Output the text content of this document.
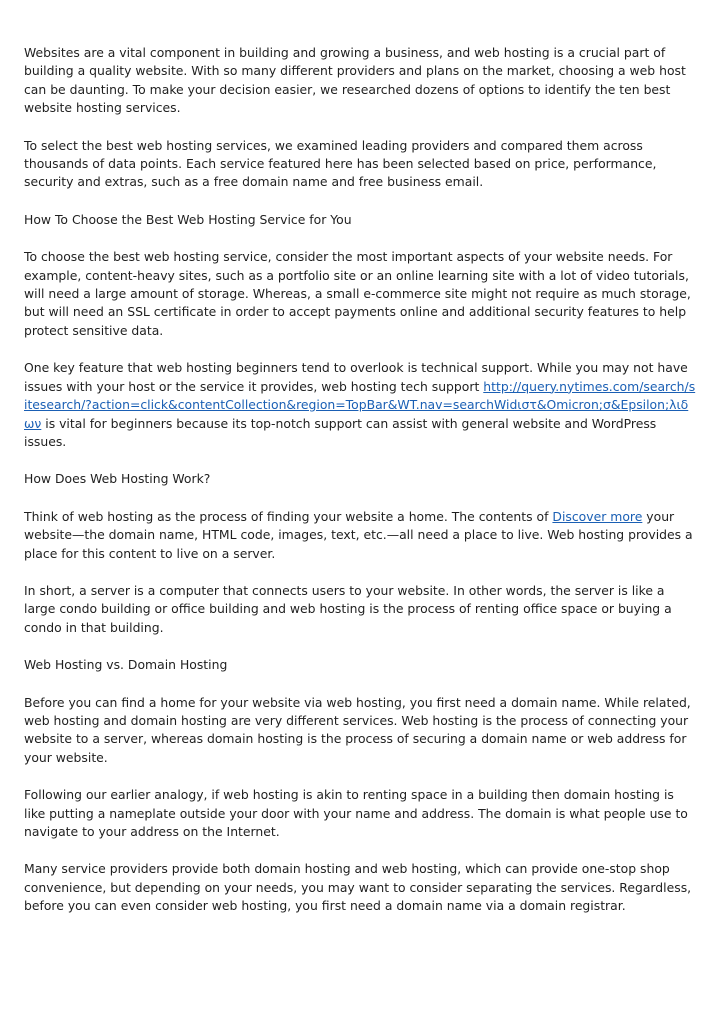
Websites are a vital component in building and growing a business, and web hosting is a crucial part of building a quality website. With so many different providers and plans on the market, choosing a web host can be daunting. To make your decision easier, we researched dozens of options to identify the ten best website hosting services.

To select the best web hosting services, we examined leading providers and compared them across thousands of data points. Each service featured here has been selected based on price, performance, security and extras, such as a free domain name and free business email.

How To Choose the Best Web Hosting Service for You

To choose the best web hosting service, consider the most important aspects of your website needs. For example, content-heavy sites, such as a portfolio site or an online learning site with a lot of video tutorials, will need a large amount of storage. Whereas, a small e-commerce site might not require as much storage, but will need an SSL certificate in order to accept payments online and additional security features to help protect sensitive data.

One key feature that web hosting beginners tend to overlook is technical support. While you may not have issues with your host or the service it provides, web hosting tech support http://query.nytimes.com/search/sitesearch/?action=click&contentCollection&region=TopBar&WT.nav=searchWidιστ&Omicron;σ&Epsilon;λιδων is vital for beginners because its top-notch support can assist with general website and WordPress issues.

How Does Web Hosting Work?

Think of web hosting as the process of finding your website a home. The contents of Discover more your website—the domain name, HTML code, images, text, etc.—all need a place to live. Web hosting provides a place for this content to live on a server.

In short, a server is a computer that connects users to your website. In other words, the server is like a large condo building or office building and web hosting is the process of renting office space or buying a condo in that building.

Web Hosting vs. Domain Hosting

Before you can find a home for your website via web hosting, you first need a domain name. While related, web hosting and domain hosting are very different services. Web hosting is the process of connecting your website to a server, whereas domain hosting is the process of securing a domain name or web address for your website.

Following our earlier analogy, if web hosting is akin to renting space in a building then domain hosting is like putting a nameplate outside your door with your name and address. The domain is what people use to navigate to your address on the Internet.

Many service providers provide both domain hosting and web hosting, which can provide one-stop shop convenience, but depending on your needs, you may want to consider separating the services. Regardless, before you can even consider web hosting, you first need a domain name via a domain registrar.
